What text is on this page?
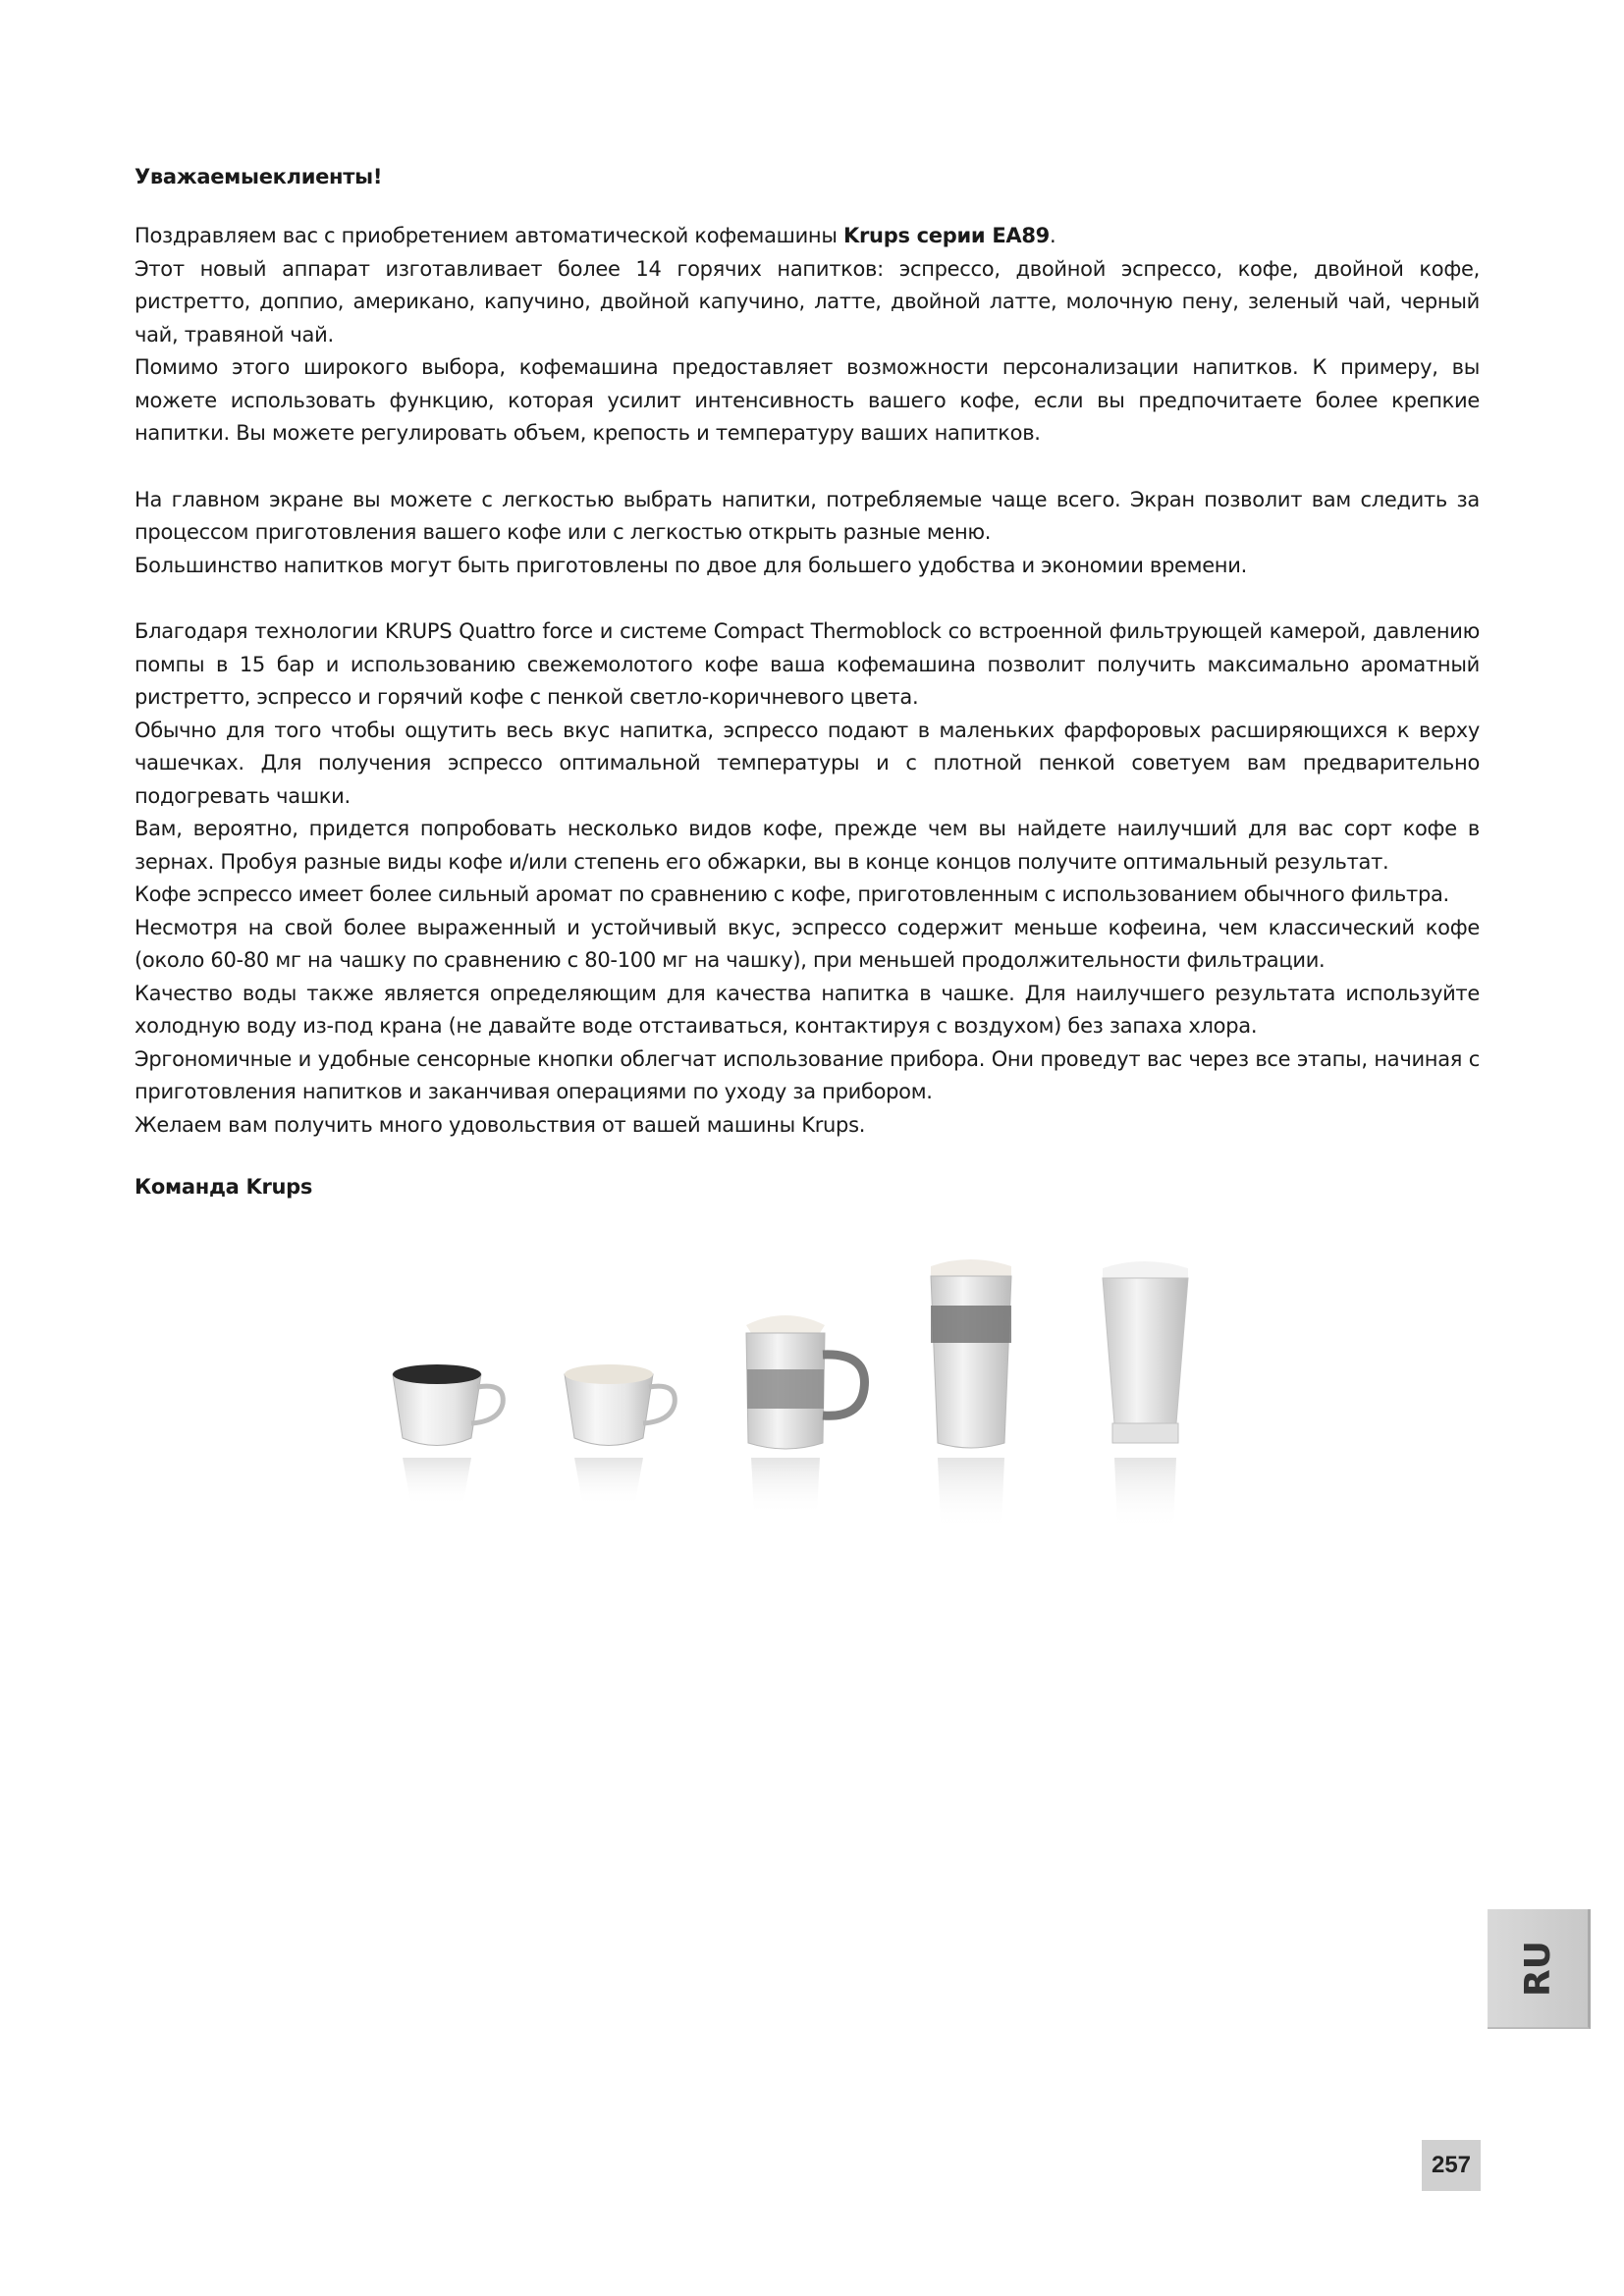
Уважаемыеклиенты!

Поздравляем вас с приобретением автоматической кофемашины Krups серии EA89.

Этот новый аппарат изготавливает более 14 горячих напитков: эспрессо, двойной эспрессо, кофе, двойной кофе, ристретто, доппио, американо, капучино, двойной капучино, латте, двойной латте, молочную пену, зеленый чай, черный чай, травяной чай.

Помимо этого широкого выбора, кофемашина предоставляет возможности персонализации напитков. К примеру, вы можете использовать функцию, которая усилит интенсивность вашего кофе, если вы предпочитаете более крепкие напитки. Вы можете регулировать объем, крепость и температуру ваших напитков.

На главном экране вы можете с легкостью выбрать напитки, потребляемые чаще всего. Экран позволит вам следить за процессом приготовления вашего кофе или с легкостью открыть разные меню.

Большинство напитков могут быть приготовлены по двое для большего удобства и экономии времени.

Благодаря технологии KRUPS Quattro force и системе Compact Thermoblock со встроенной фильтрующей камерой, давлению помпы в 15 бар и использованию свежемолотого кофе ваша кофемашина позволит получить максимально ароматный ристретто, эспрессо и горячий кофе с пенкой светло-коричневого цвета.

Обычно для того чтобы ощутить весь вкус напитка, эспрессо подают в маленьких фарфоровых расширяющихся к верху чашечках. Для получения эспрессо оптимальной температуры и с плотной пенкой советуем вам предварительно подогревать чашки.

Вам, вероятно, придется попробовать несколько видов кофе, прежде чем вы найдете наилучший для вас сорт кофе в зернах. Пробуя разные виды кофе и/или степень его обжарки, вы в конце концов получите оптимальный результат.

Кофе эспрессо имеет более сильный аромат по сравнению с кофе, приготовленным с использованием обычного фильтра.

Несмотря на свой более выраженный и устойчивый вкус, эспрессо содержит меньше кофеина, чем классический кофе (около 60-80 мг на чашку по сравнению с 80-100 мг на чашку), при меньшей продолжительности фильтрации.

Качество воды также является определяющим для качества напитка в чашке. Для наилучшего результата используйте холодную воду из-под крана (не давайте воде отстаиваться, контактируя с воздухом) без запаха хлора.

Эргономичные и удобные сенсорные кнопки облегчат использование прибора. Они проведут вас через все этапы, начиная с приготовления напитков и заканчивая операциями по уходу за прибором.

Желаем вам получить много удовольствия от вашей машины Krups.

Команда Krups

RU
257
